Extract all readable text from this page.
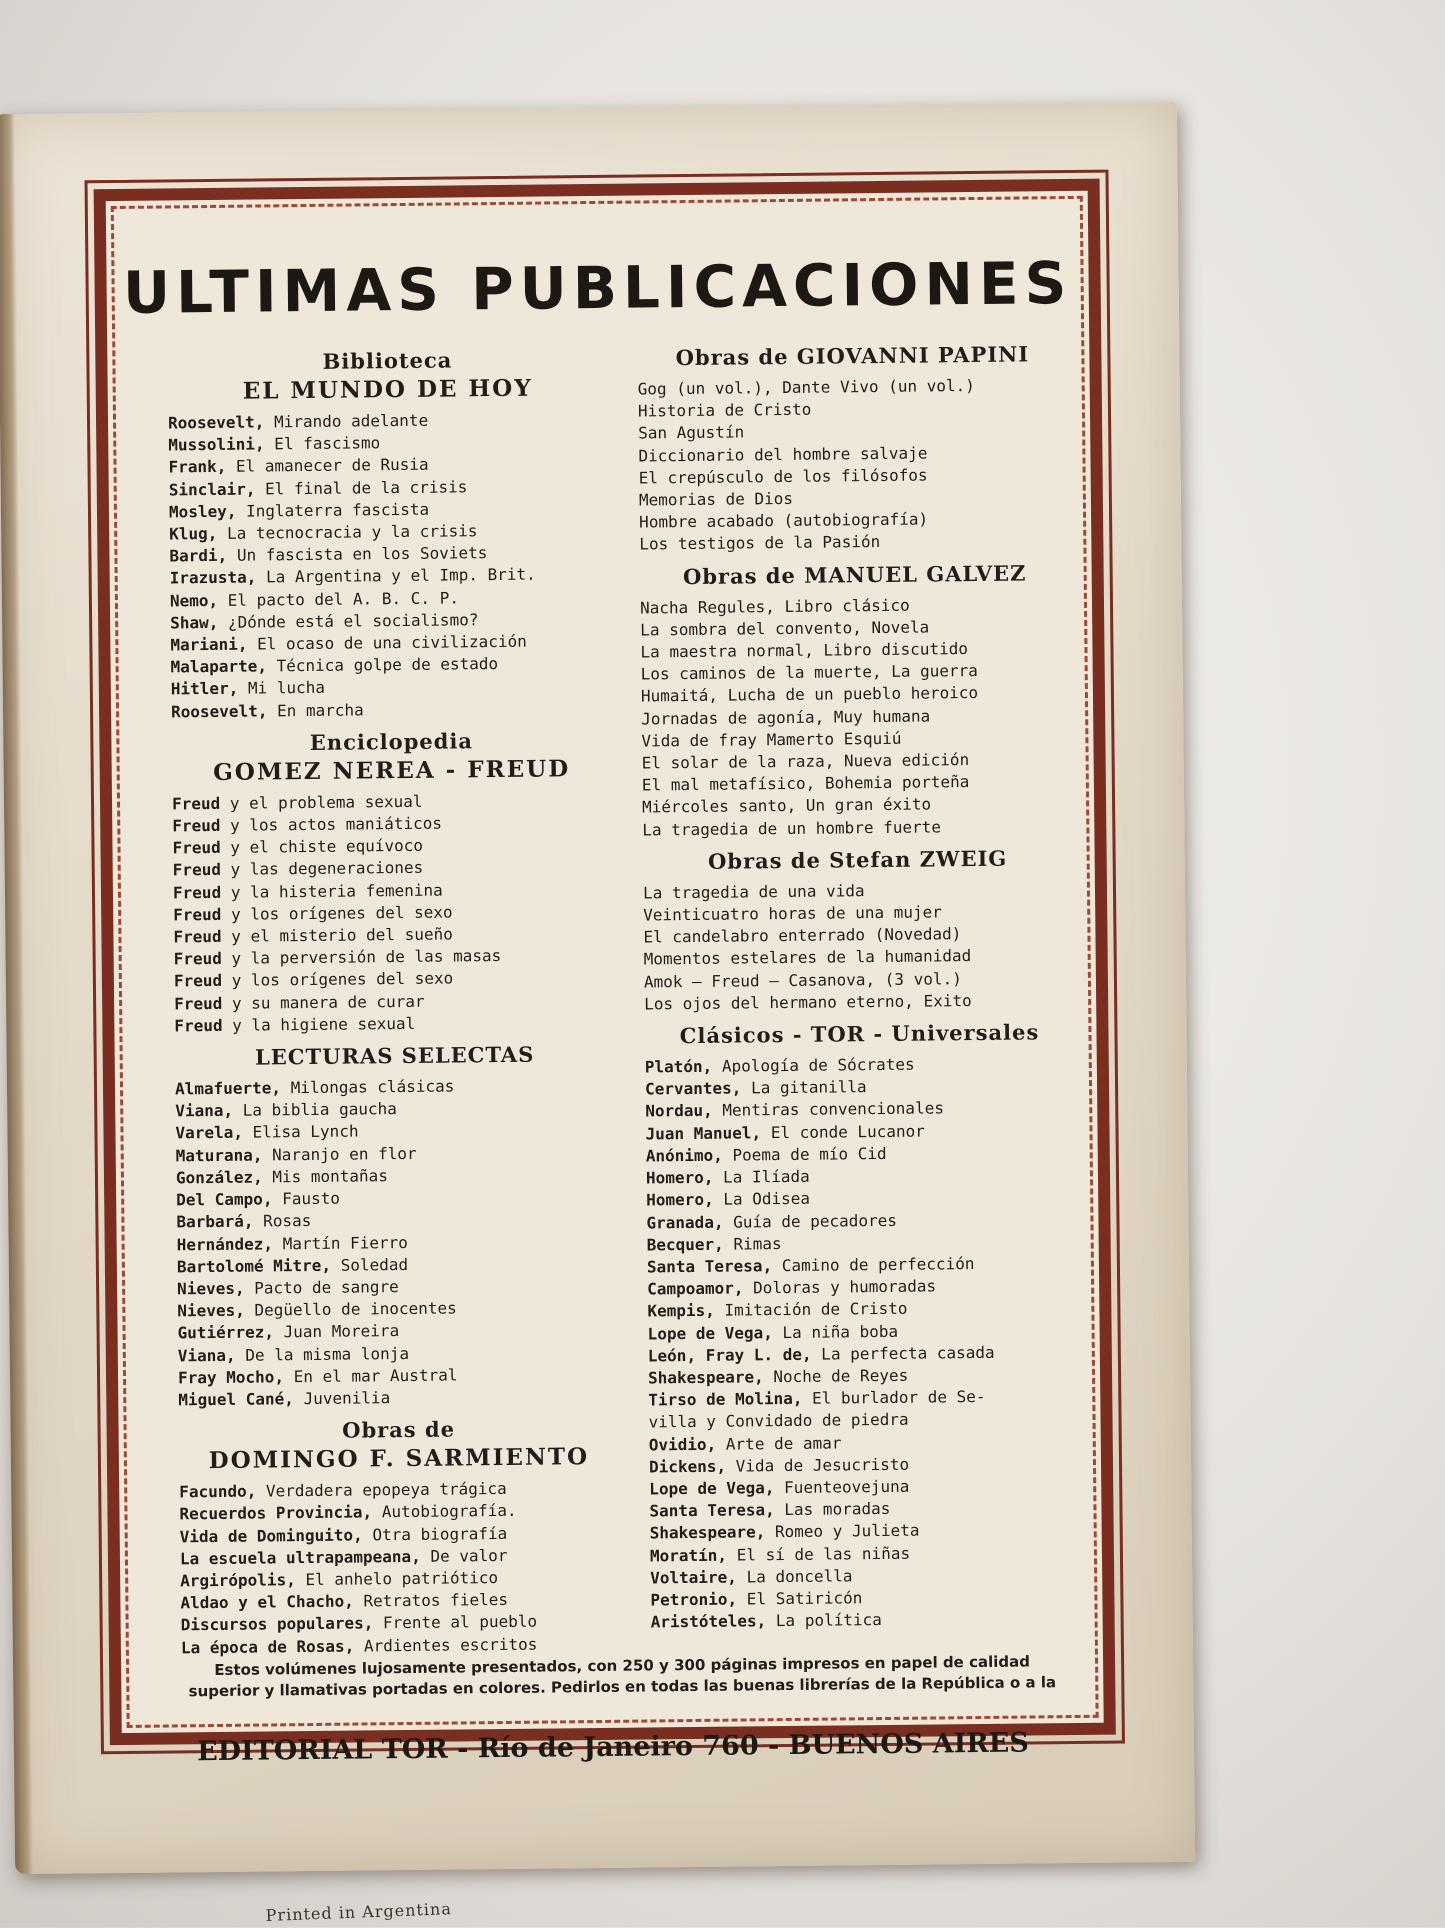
ULTIMAS PUBLICACIONES

Biblioteca

EL MUNDO DE HOY

Roosevelt, Mirando adelante
Mussolini, El fascismo
Frank, El amanecer de Rusia
Sinclair, El final de la crisis
Mosley, Inglaterra fascista
Klug, La tecnocracia y la crisis
Bardi, Un fascista en los Soviets
Irazusta, La Argentina y el Imp. Brit.
Nemo, El pacto del A. B. C. P.
Shaw, ¿Dónde está el socialismo?
Mariani, El ocaso de una civilización
Malaparte, Técnica golpe de estado
Hitler, Mi lucha
Roosevelt, En marcha

Enciclopedia

GOMEZ NEREA - FREUD

Freud y el problema sexual
Freud y los actos maniáticos
Freud y el chiste equívoco
Freud y las degeneraciones
Freud y la histeria femenina
Freud y los orígenes del sexo
Freud y el misterio del sueño
Freud y la perversión de las masas
Freud y los orígenes del sexo
Freud y su manera de curar
Freud y la higiene sexual

LECTURAS SELECTAS

Almafuerte, Milongas clásicas
Viana, La biblia gaucha
Varela, Elisa Lynch
Maturana, Naranjo en flor
González, Mis montañas
Del Campo, Fausto
Barbará, Rosas
Hernández, Martín Fierro
Bartolomé Mitre, Soledad
Nieves, Pacto de sangre
Nieves, Degüello de inocentes
Gutiérrez, Juan Moreira
Viana, De la misma lonja
Fray Mocho, En el mar Austral
Miguel Cané, Juvenilia

Obras de

DOMINGO F. SARMIENTO

Facundo, Verdadera epopeya trágica
Recuerdos Provincia, Autobiografía.
Vida de Dominguito, Otra biografía
La escuela ultrapampeana, De valor
Argirópolis, El anhelo patriótico
Aldao y el Chacho, Retratos fieles
Discursos populares, Frente al pueblo
La época de Rosas, Ardientes escritos

Obras de GIOVANNI PAPINI

Gog (un vol.), Dante Vivo (un vol.)
Historia de Cristo
San Agustín
Diccionario del hombre salvaje
El crepúsculo de los filósofos
Memorias de Dios
Hombre acabado (autobiografía)
Los testigos de la Pasión

Obras de MANUEL GALVEZ

Nacha Regules, Libro clásico
La sombra del convento, Novela
La maestra normal, Libro discutido
Los caminos de la muerte, La guerra
Humaitá, Lucha de un pueblo heroico
Jornadas de agonía, Muy humana
Vida de fray Mamerto Esquiú
El solar de la raza, Nueva edición
El mal metafísico, Bohemia porteña
Miércoles santo, Un gran éxito
La tragedia de un hombre fuerte

Obras de Stefan ZWEIG

La tragedia de una vida
Veinticuatro horas de una mujer
El candelabro enterrado (Novedad)
Momentos estelares de la humanidad
Amok — Freud — Casanova, (3 vol.)
Los ojos del hermano eterno, Exito

Clásicos - TOR - Universales

Platón, Apología de Sócrates
Cervantes, La gitanilla
Nordau, Mentiras convencionales
Juan Manuel, El conde Lucanor
Anónimo, Poema de mío Cid
Homero, La Ilíada
Homero, La Odisea
Granada, Guía de pecadores
Becquer, Rimas
Santa Teresa, Camino de perfección
Campoamor, Doloras y humoradas
Kempis, Imitación de Cristo
Lope de Vega, La niña boba
León, Fray L. de, La perfecta casada
Shakespeare, Noche de Reyes
Tirso de Molina, El burlador de Se-
villa y Convidado de piedra
Ovidio, Arte de amar
Dickens, Vida de Jesucristo
Lope de Vega, Fuenteovejuna
Santa Teresa, Las moradas
Shakespeare, Romeo y Julieta
Moratín, El sí de las niñas
Voltaire, La doncella
Petronio, El Satiricón
Aristóteles, La política

Estos volúmenes lujosamente presentados, con 250 y 300 páginas impresos en papel de calidad superior y llamativas portadas en colores. Pedirlos en todas las buenas librerías de la República o a la

EDITORIAL TOR - Río de Janeiro 760 - BUENOS AIRES

Printed in Argentina
